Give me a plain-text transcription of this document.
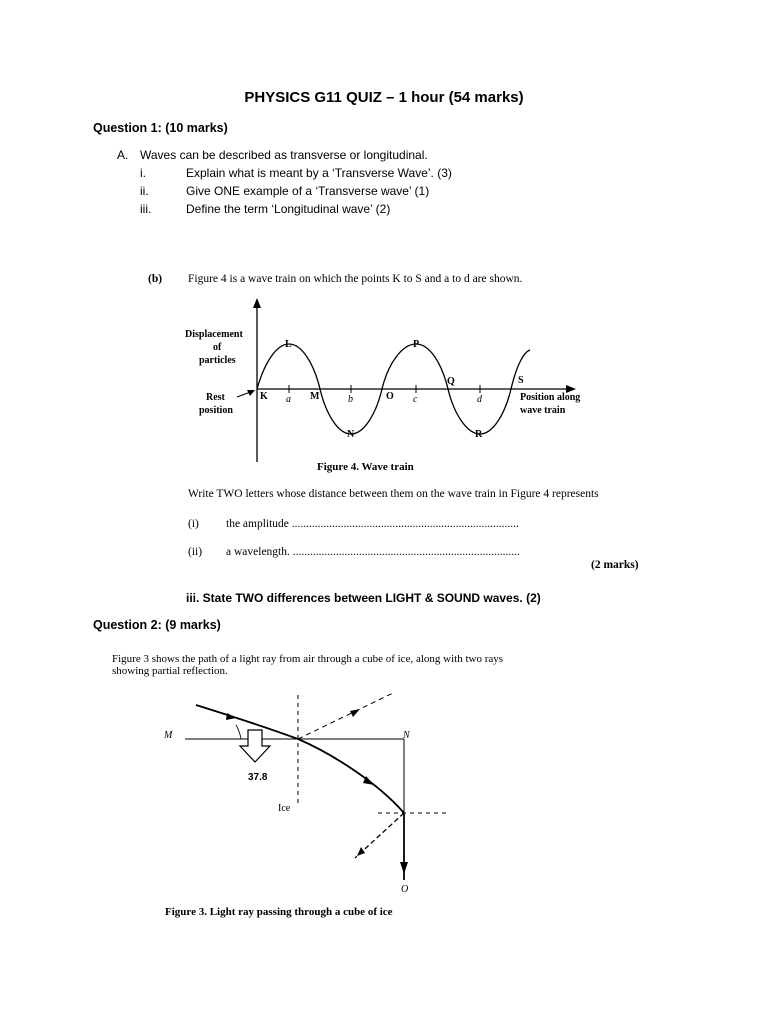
PHYSICS G11 QUIZ – 1 hour (54 marks)
Question 1: (10 marks)
A. Waves can be described as transverse or longitudinal.
i.	Explain what is meant by a ‘Transverse Wave’. (3)
ii.	Give ONE example of a ‘Transverse wave’ (1)
iii.	Define the term ‘Longitudinal wave’ (2)
(b) Figure 4 is a wave train on which the points K to S and a to d are shown.
Displacement
of
particles
Rest
position
Position along
wave train
K
L
M
N
O
P
Q
R
S
a	b	c	d
Figure 4. Wave train
Write TWO letters whose distance between them on the wave train in Figure 4 represents
(i) the amplitude ...............................................................................
(ii) a wavelength. ...............................................................................
(2 marks)
iii. State TWO differences between LIGHT & SOUND waves. (2)
Question 2: (9 marks)
Figure 3 shows the path of a light ray from air through a cube of ice, along with two rays
showing partial reflection.
M	N
O
37.8
Ice
Figure 3. Light ray passing through a cube of ice
